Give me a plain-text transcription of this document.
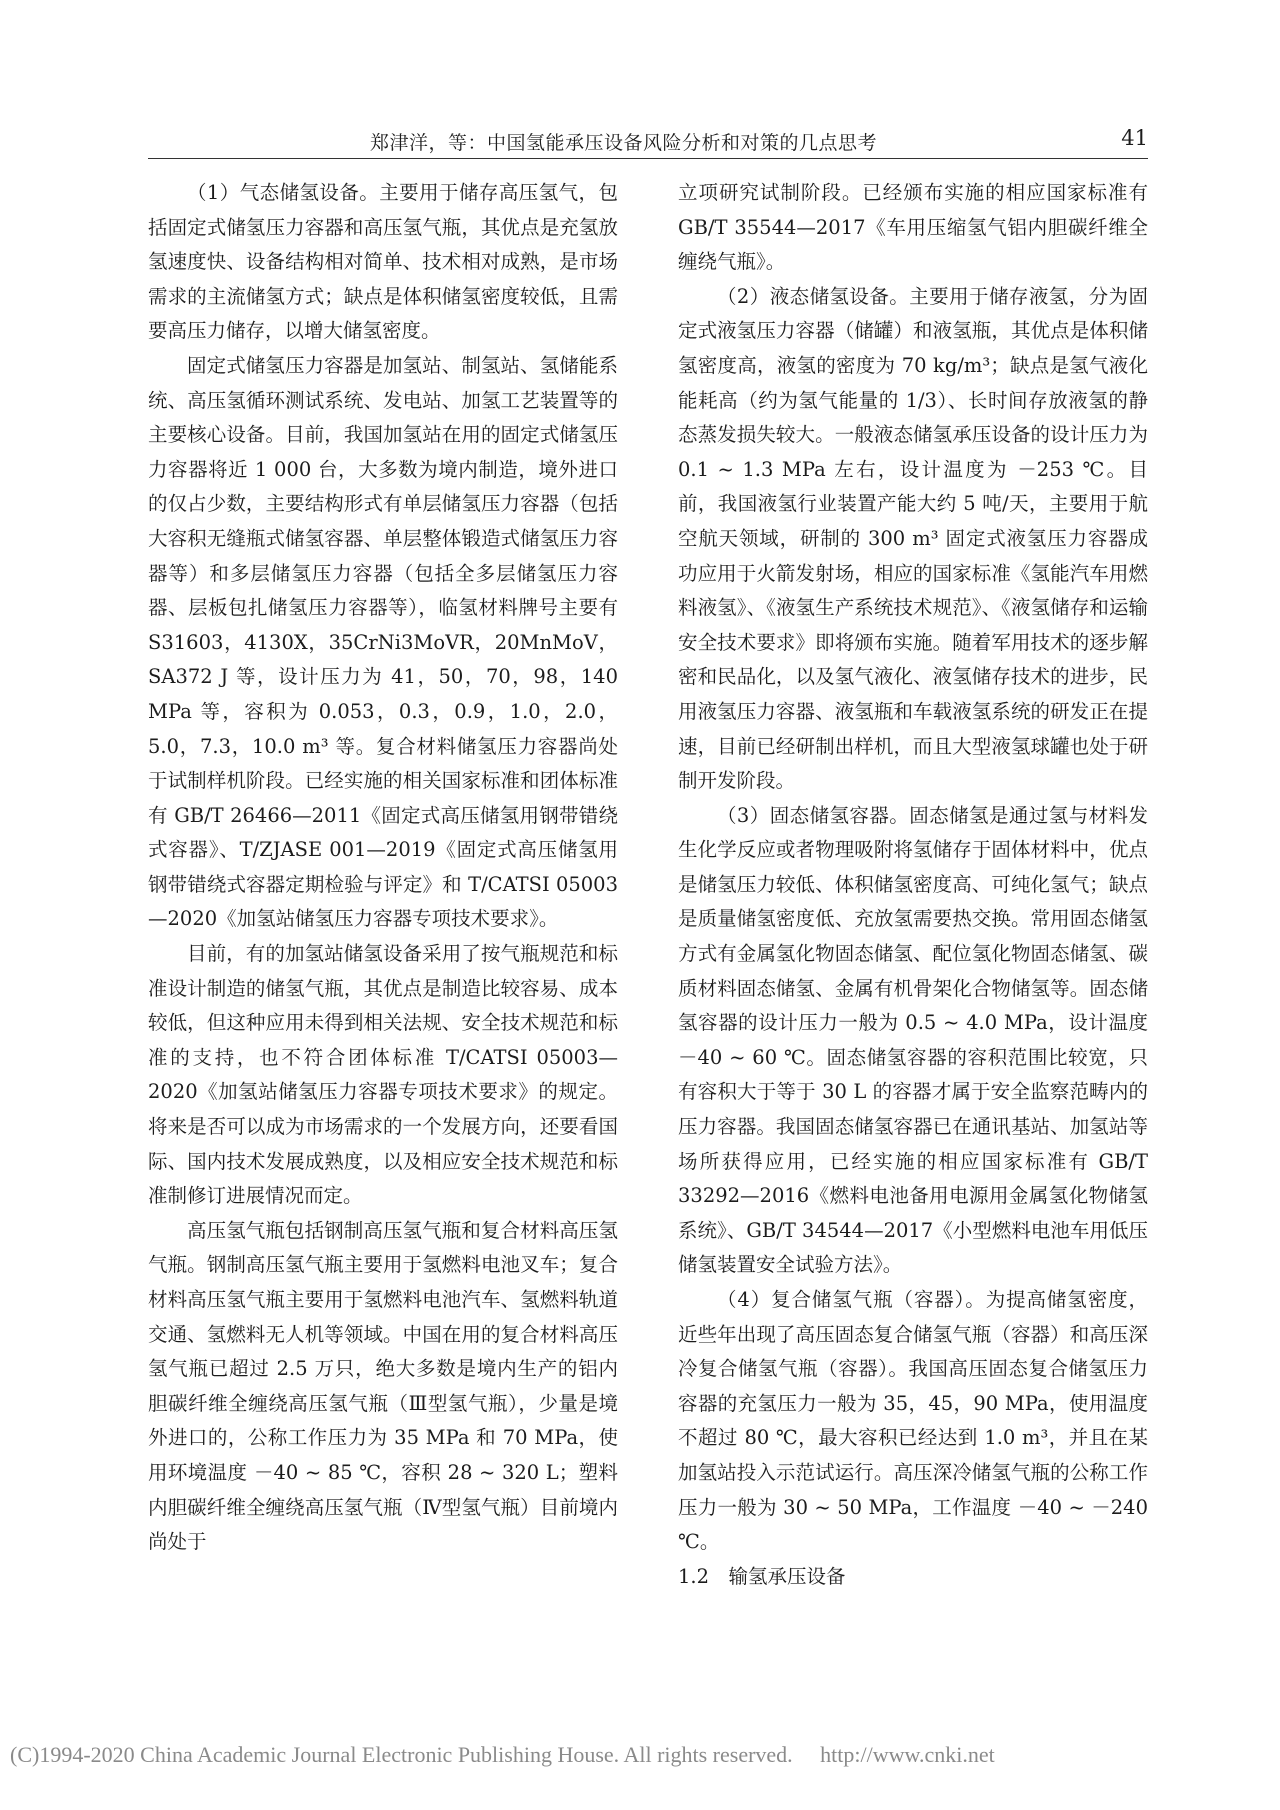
郑津洋，等：中国氢能承压设备风险分析和对策的几点思考	41

（1）气态储氢设备。主要用于储存高压氢气，包括固定式储氢压力容器和高压氢气瓶，其优点是充氢放氢速度快、设备结构相对简单、技术相对成熟，是市场需求的主流储氢方式；缺点是体积储氢密度较低，且需要高压力储存，以增大储氢密度。

固定式储氢压力容器是加氢站、制氢站、氢储能系统、高压氢循环测试系统、发电站、加氢工艺装置等的主要核心设备。目前，我国加氢站在用的固定式储氢压力容器将近 1 000 台，大多数为境内制造，境外进口的仅占少数，主要结构形式有单层储氢压力容器（包括大容积无缝瓶式储氢容器、单层整体锻造式储氢压力容器等）和多层储氢压力容器（包括全多层储氢压力容器、层板包扎储氢压力容器等），临氢材料牌号主要有 S31603，4130X，35CrNi3MoVR，20MnMoV，SA372 J 等，设计压力为 41，50，70，98，140 MPa 等，容积为 0.053，0.3，0.9，1.0，2.0，5.0，7.3，10.0 m³ 等。复合材料储氢压力容器尚处于试制样机阶段。已经实施的相关国家标准和团体标准有 GB/T 26466—2011《固定式高压储氢用钢带错绕式容器》、T/ZJASE 001—2019《固定式高压储氢用钢带错绕式容器定期检验与评定》和 T/CATSI 05003—2020《加氢站储氢压力容器专项技术要求》。

目前，有的加氢站储氢设备采用了按气瓶规范和标准设计制造的储氢气瓶，其优点是制造比较容易、成本较低，但这种应用未得到相关法规、安全技术规范和标准的支持，也不符合团体标准 T/CATSI 05003—2020《加氢站储氢压力容器专项技术要求》的规定。将来是否可以成为市场需求的一个发展方向，还要看国际、国内技术发展成熟度，以及相应安全技术规范和标准制修订进展情况而定。

高压氢气瓶包括钢制高压氢气瓶和复合材料高压氢气瓶。钢制高压氢气瓶主要用于氢燃料电池叉车；复合材料高压氢气瓶主要用于氢燃料电池汽车、氢燃料轨道交通、氢燃料无人机等领域。中国在用的复合材料高压氢气瓶已超过 2.5 万只，绝大多数是境内生产的铝内胆碳纤维全缠绕高压氢气瓶（Ⅲ型氢气瓶），少量是境外进口的，公称工作压力为 35 MPa 和 70 MPa，使用环境温度 －40 ~ 85 ℃，容积 28 ~ 320 L；塑料内胆碳纤维全缠绕高压氢气瓶（Ⅳ型氢气瓶）目前境内尚处于

立项研究试制阶段。已经颁布实施的相应国家标准有 GB/T 35544—2017《车用压缩氢气铝内胆碳纤维全缠绕气瓶》。

（2）液态储氢设备。主要用于储存液氢，分为固定式液氢压力容器（储罐）和液氢瓶，其优点是体积储氢密度高，液氢的密度为 70 kg/m³；缺点是氢气液化能耗高（约为氢气能量的 1/3）、长时间存放液氢的静态蒸发损失较大。一般液态储氢承压设备的设计压力为 0.1 ~ 1.3 MPa 左右，设计温度为 －253 ℃。目前，我国液氢行业装置产能大约 5 吨/天，主要用于航空航天领域，研制的 300 m³ 固定式液氢压力容器成功应用于火箭发射场，相应的国家标准《氢能汽车用燃料液氢》、《液氢生产系统技术规范》、《液氢储存和运输安全技术要求》即将颁布实施。随着军用技术的逐步解密和民品化，以及氢气液化、液氢储存技术的进步，民用液氢压力容器、液氢瓶和车载液氢系统的研发正在提速，目前已经研制出样机，而且大型液氢球罐也处于研制开发阶段。

（3）固态储氢容器。固态储氢是通过氢与材料发生化学反应或者物理吸附将氢储存于固体材料中，优点是储氢压力较低、体积储氢密度高、可纯化氢气；缺点是质量储氢密度低、充放氢需要热交换。常用固态储氢方式有金属氢化物固态储氢、配位氢化物固态储氢、碳质材料固态储氢、金属有机骨架化合物储氢等。固态储氢容器的设计压力一般为 0.5 ~ 4.0 MPa，设计温度 －40 ~ 60 ℃。固态储氢容器的容积范围比较宽，只有容积大于等于 30 L 的容器才属于安全监察范畴内的压力容器。我国固态储氢容器已在通讯基站、加氢站等场所获得应用，已经实施的相应国家标准有 GB/T 33292—2016《燃料电池备用电源用金属氢化物储氢系统》、GB/T 34544—2017《小型燃料电池车用低压储氢装置安全试验方法》。

（4）复合储氢气瓶（容器）。为提高储氢密度，近些年出现了高压固态复合储氢气瓶（容器）和高压深冷复合储氢气瓶（容器）。我国高压固态复合储氢压力容器的充氢压力一般为 35，45，90 MPa，使用温度不超过 80 ℃，最大容积已经达到 1.0 m³，并且在某加氢站投入示范试运行。高压深冷储氢气瓶的公称工作压力一般为 30 ~ 50 MPa，工作温度 －40 ~ －240 ℃。

1.2　输氢承压设备
(C)1994-2020 China Academic Journal Electronic Publishing House. All rights reserved.　 http://www.cnki.net
